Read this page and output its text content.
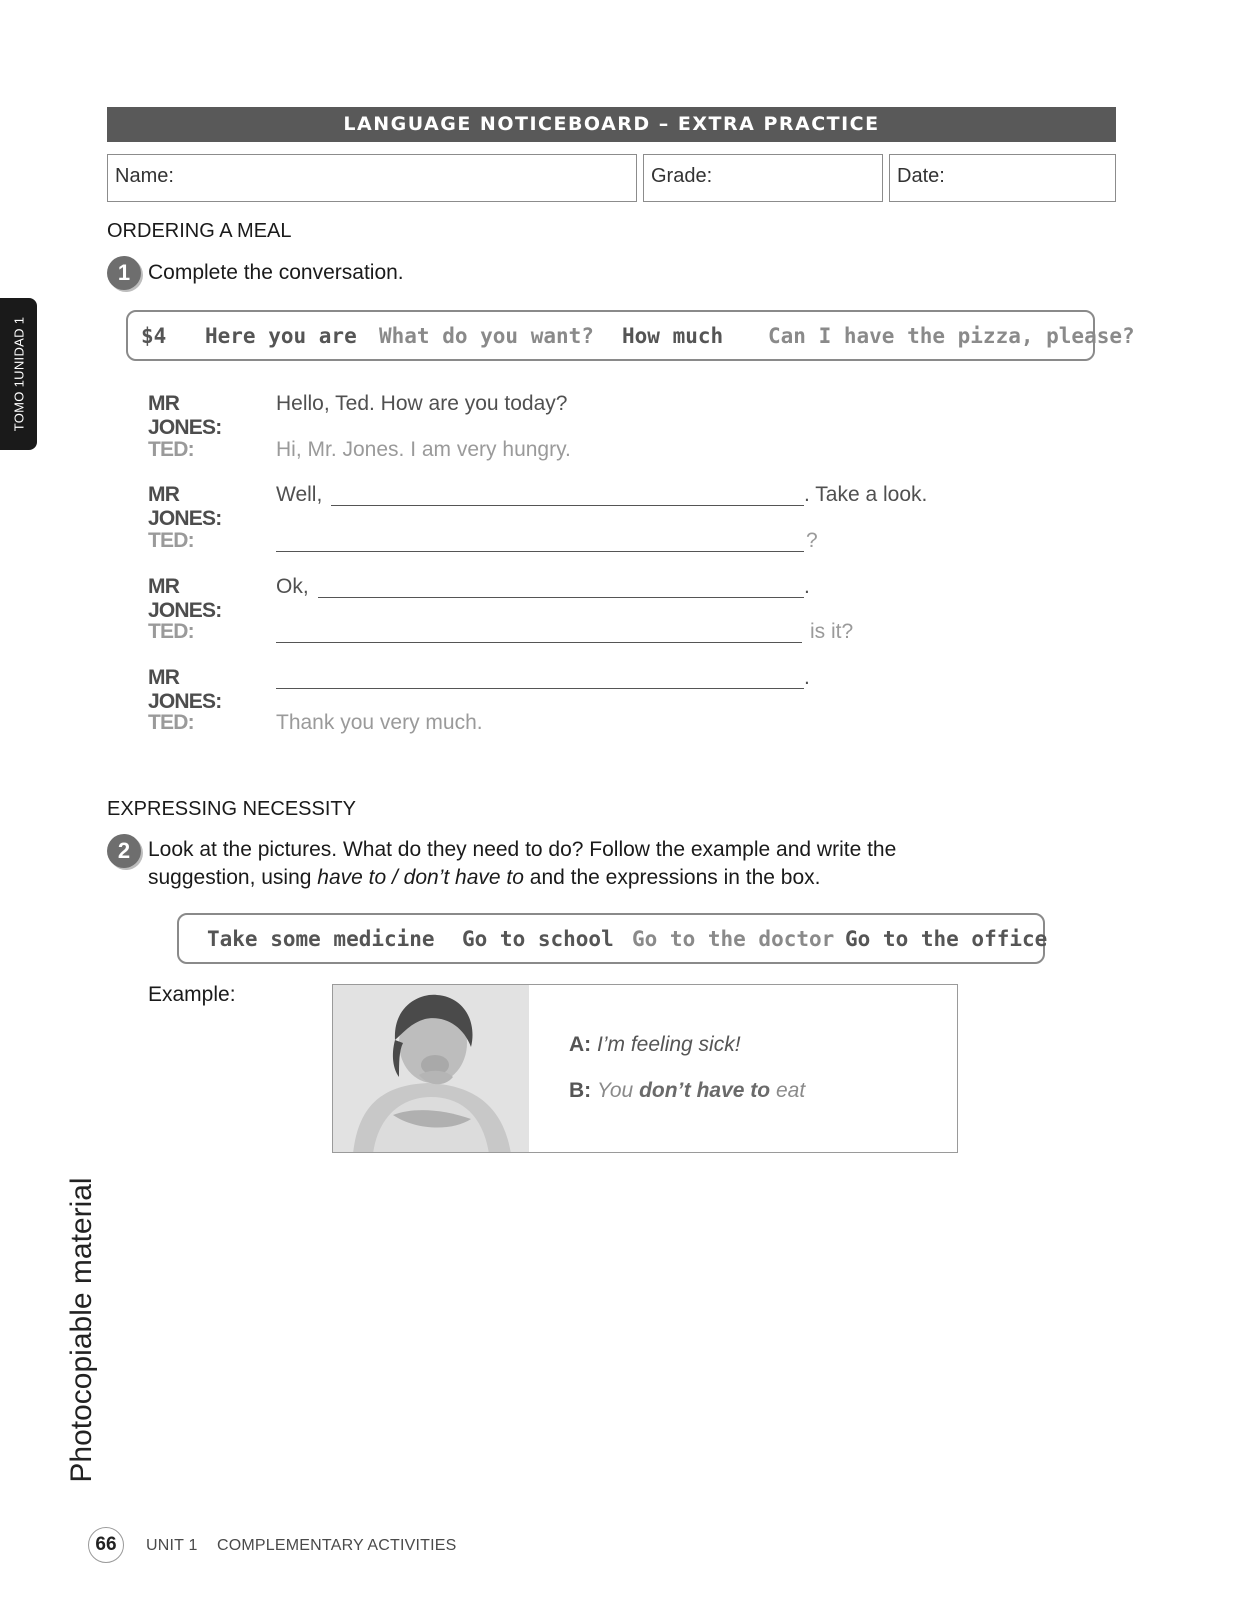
TOMO 1
UNIDAD 1
Photocopiable material
LANGUAGE NOTICEBOARD – EXTRA PRACTICE
Name:	Grade:	Date:
ORDERING A MEAL
1 Complete the conversation.
$4 Here you are What do you want? How much Can I have the pizza, please?
MR JONES:
Hello, Ted. How are you today?
TED:	Hi, Mr. Jones. I am very hungry.
MR JONES:
Well,	. Take a look.
TED:	?
MR JONES:
Ok,	.
TED:	is it?
MR JONES:
.
TED:	Thank you very much.
EXPRESSING NECESSITY
2 Look at the pictures. What do they need to do? Follow the example and write the
suggestion, using have to / don’t have to and the expressions in the box.
Take some medicine Go to school Go to the doctor Go to the office
Example:
A: I’m feeling sick!
B: You don’t have to eat
66	UNIT 1 COMPLEMENTARY ACTIVITIES
